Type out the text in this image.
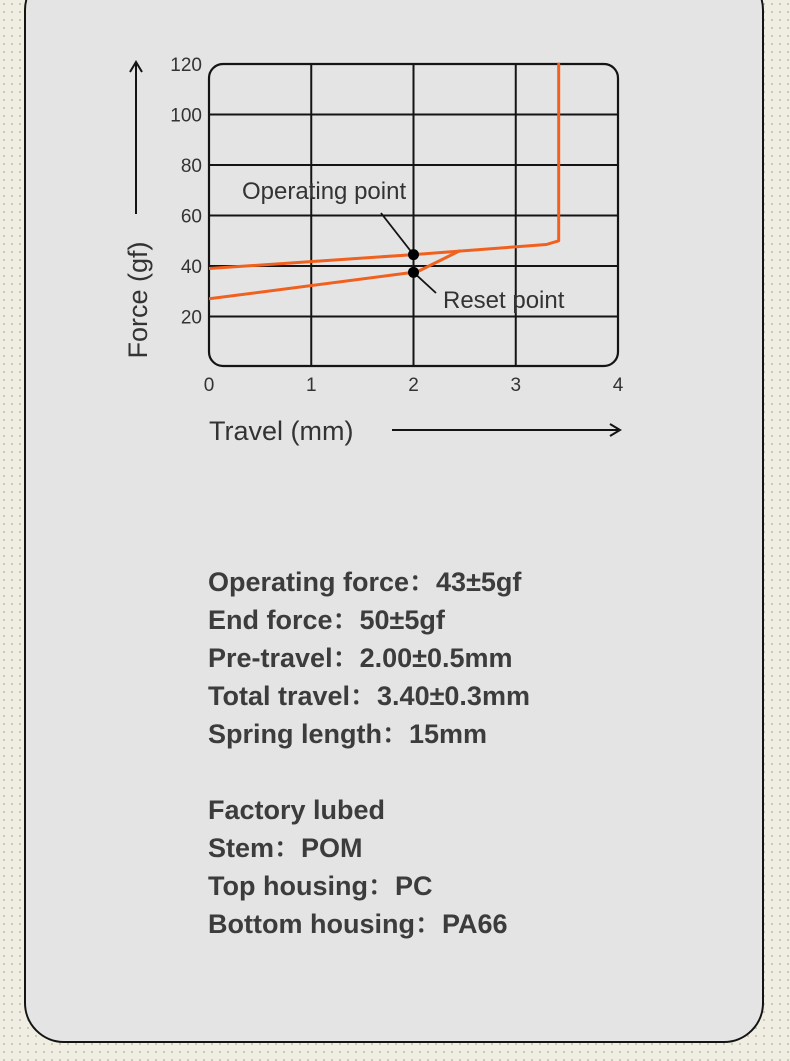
Operating point
Reset point
20
40
60
80
100
120
0	1	2	3	4
Force (gf)
Travel (mm)
Operating force：43±5gf
End force：50±5gf
Pre-travel：2.00±0.5mm
Total travel：3.40±0.3mm
Spring length：15mm
Factory lubed
Stem：POM
Top housing：PC
Bottom housing：PA66
